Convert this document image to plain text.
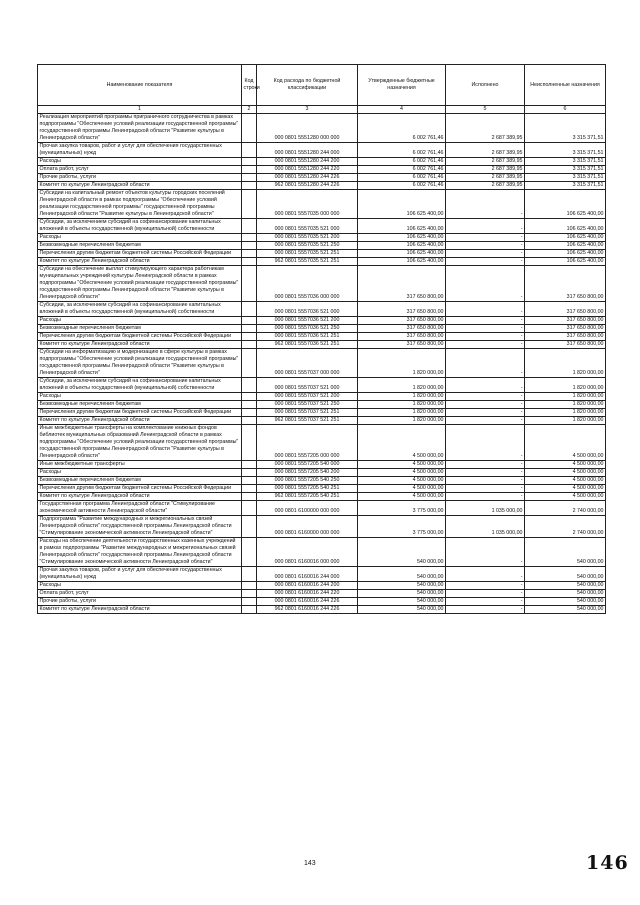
Наименование показателя	Код строки	Код расхода по бюджетной классификации	Утвержденные бюджетные назначения	Исполнено	Неисполненные назначения
1	2	3	4	5	6
Реализация мероприятий программы приграничного сотрудничества в рамках подпрограммы "Обеспечение условий реализации государственной программы" государственной программы Ленинградской области "Развитие культуры в Ленинградской области"		000 0801 5551280 000 000	6 002 761,46	2 687 389,95	3 315 371,51
Прочая закупка товаров, работ и услуг для обеспечения государственных (муниципальных) нужд		000 0801 5551280 244 000	6 002 761,46	2 687 389,95	3 315 371,51
Расходы		000 0801 5551280 244 200	6 002 761,46	2 687 389,95	3 315 371,51
Оплата работ, услуг		000 0801 5551280 244 220	6 002 761,46	2 687 389,95	3 315 371,51
Прочие работы, услуги		000 0801 5551280 244 226	6 002 761,46	2 687 389,95	3 315 371,51
Комитет по культуре Ленинградской области		962 0801 5551280 244 226	6 002 761,46	2 687 389,95	3 315 371,51
Субсидии на капитальный ремонт объектов культуры городских поселений Ленинградской области в рамках подпрограммы "Обеспечение условий реализации государственной программы" государственной программы Ленинградской области "Развитие культуры в Ленинградской области"		000 0801 5557035 000 000	106 625 400,00	-	106 625 400,00
Субсидии, за исключением субсидий на софинансирование капитальных вложений в объекты государственной (муниципальной) собственности		000 0801 5557035 521 000	106 625 400,00	-	106 625 400,00
Расходы		000 0801 5557035 521 200	106 625 400,00	-	106 625 400,00
Безвозмездные перечисления бюджетам		000 0801 5557035 521 250	106 625 400,00	-	106 625 400,00
Перечисления другим бюджетам бюджетной системы Российской Федерации		000 0801 5557035 521 251	106 625 400,00	-	106 625 400,00
Комитет по культуре Ленинградской области		962 0801 5557035 521 251	106 625 400,00	-	106 625 400,00
Субсидии на обеспечение выплат стимулирующего характера работникам муниципальных учреждений культуры Ленинградской области в рамках подпрограммы "Обеспечение условий реализации государственной программы" государственной программы Ленинградской области "Развитие культуры в Ленинградской области"		000 0801 5557036 000 000	317 650 800,00	-	317 650 800,00
Субсидии, за исключением субсидий на софинансирование капитальных вложений в объекты государственной (муниципальной) собственности		000 0801 5557036 521 000	317 650 800,00	-	317 650 800,00
Расходы		000 0801 5557036 521 200	317 650 800,00	-	317 650 800,00
Безвозмездные перечисления бюджетам		000 0801 5557036 521 250	317 650 800,00	-	317 650 800,00
Перечисления другим бюджетам бюджетной системы Российской Федерации		000 0801 5557036 521 251	317 650 800,00	-	317 650 800,00
Комитет по культуре Ленинградской области		962 0801 5557036 521 251	317 650 800,00	-	317 650 800,00
Субсидии на информатизацию и модернизацию в сфере культуры в рамках подпрограммы "Обеспечение условий реализации государственной программы" государственной программы Ленинградской области "Развитие культуры в Ленинградской области"		000 0801 5557037 000 000	1 820 000,00	-	1 820 000,00
Субсидии, за исключением субсидий на софинансирование капитальных вложений в объекты государственной (муниципальной) собственности		000 0801 5557037 521 000	1 820 000,00	-	1 820 000,00
Расходы		000 0801 5557037 521 200	1 820 000,00	-	1 820 000,00
Безвозмездные перечисления бюджетам		000 0801 5557037 521 250	1 820 000,00	-	1 820 000,00
Перечисления другим бюджетам бюджетной системы Российской Федерации		000 0801 5557037 521 251	1 820 000,00	-	1 820 000,00
Комитет по культуре Ленинградской области		962 0801 5557037 521 251	1 820 000,00	-	1 820 000,00
Иные межбюджетные трансферты на комплектование книжных фондов библиотек муниципальных образований Ленинградской области в рамках подпрограммы "Обеспечение условий реализации государственной программы" государственной программы Ленинградской области "Развитие культуры в Ленинградской области"		000 0801 5557205 000 000	4 500 000,00	-	4 500 000,00
Иные межбюджетные трансферты		000 0801 5557205 540 000	4 500 000,00	-	4 500 000,00
Расходы		000 0801 5557205 540 200	4 500 000,00	-	4 500 000,00
Безвозмездные перечисления бюджетам		000 0801 5557205 540 250	4 500 000,00	-	4 500 000,00
Перечисления другим бюджетам бюджетной системы Российской Федерации		000 0801 5557205 540 251	4 500 000,00	-	4 500 000,00
Комитет по культуре Ленинградской области		962 0801 5557205 540 251	4 500 000,00	-	4 500 000,00
Государственная программа Ленинградской области "Стимулирование экономической активности Ленинградской области"		000 0801 6100000 000 000	3 775 000,00	1 035 000,00	2 740 000,00
Подпрограмма "Развитие международных и межрегиональных связей Ленинградской области" государственной программы Ленинградской области "Стимулирование экономической активности Ленинградской области"		000 0801 6160000 000 000	3 775 000,00	1 035 000,00	2 740 000,00
Расходы на обеспечение деятельности государственных казенных учреждений в рамках подпрограммы "Развитие международных и межрегиональных связей Ленинградской области" государственной программы Ленинградской области "Стимулирование экономической активности Ленинградской области"		000 0801 6160016 000 000	540 000,00	-	540 000,00
Прочая закупка товаров, работ и услуг для обеспечения государственных (муниципальных) нужд		000 0801 6160016 244 000	540 000,00	-	540 000,00
Расходы		000 0801 6160016 244 200	540 000,00	-	540 000,00
Оплата работ, услуг		000 0801 6160016 244 220	540 000,00	-	540 000,00
Прочие работы, услуги		000 0801 6160016 244 226	540 000,00	-	540 000,00
Комитет по культуре Ленинградской области		962 0801 6160016 244 226	540 000,00	-	540 000,00
143	146
